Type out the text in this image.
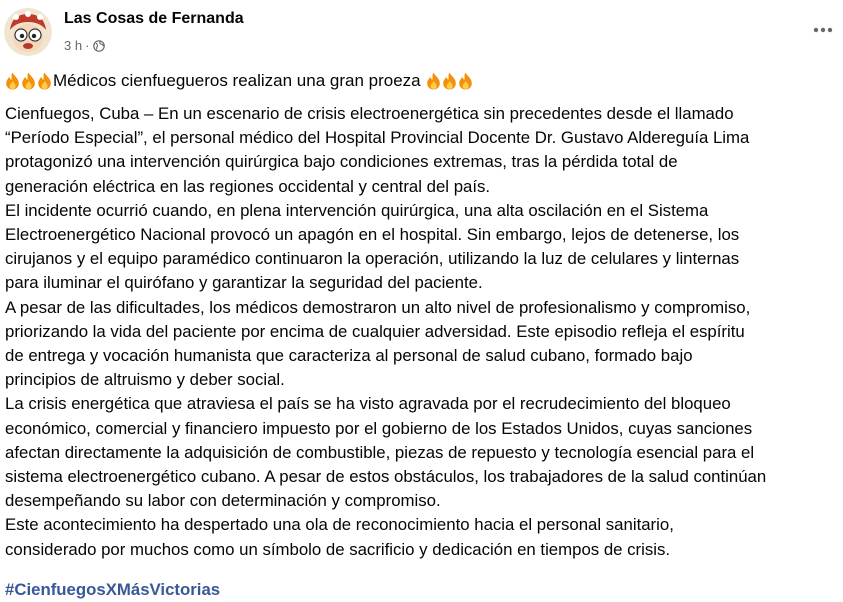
Las Cosas de Fernanda
3 h ·
Médicos cienfuegueros realizan una gran proeza

Cienfuegos, Cuba – En un escenario de crisis electroenergética sin precedentes desde el llamado

“Período Especial”, el personal médico del Hospital Provincial Docente Dr. Gustavo Aldereguía Lima

protagonizó una intervención quirúrgica bajo condiciones extremas, tras la pérdida total de

generación eléctrica en las regiones occidental y central del país.

El incidente ocurrió cuando, en plena intervención quirúrgica, una alta oscilación en el Sistema

Electroenergético Nacional provocó un apagón en el hospital. Sin embargo, lejos de detenerse, los

cirujanos y el equipo paramédico continuaron la operación, utilizando la luz de celulares y linternas

para iluminar el quirófano y garantizar la seguridad del paciente.

A pesar de las dificultades, los médicos demostraron un alto nivel de profesionalismo y compromiso,

priorizando la vida del paciente por encima de cualquier adversidad. Este episodio refleja el espíritu

de entrega y vocación humanista que caracteriza al personal de salud cubano, formado bajo

principios de altruismo y deber social.

La crisis energética que atraviesa el país se ha visto agravada por el recrudecimiento del bloqueo

económico, comercial y financiero impuesto por el gobierno de los Estados Unidos, cuyas sanciones

afectan directamente la adquisición de combustible, piezas de repuesto y tecnología esencial para el

sistema electroenergético cubano. A pesar de estos obstáculos, los trabajadores de la salud continúan

desempeñando su labor con determinación y compromiso.

Este acontecimiento ha despertado una ola de reconocimiento hacia el personal sanitario,

considerado por muchos como un símbolo de sacrificio y dedicación en tiempos de crisis.

#CienfuegosXMásVictorias
